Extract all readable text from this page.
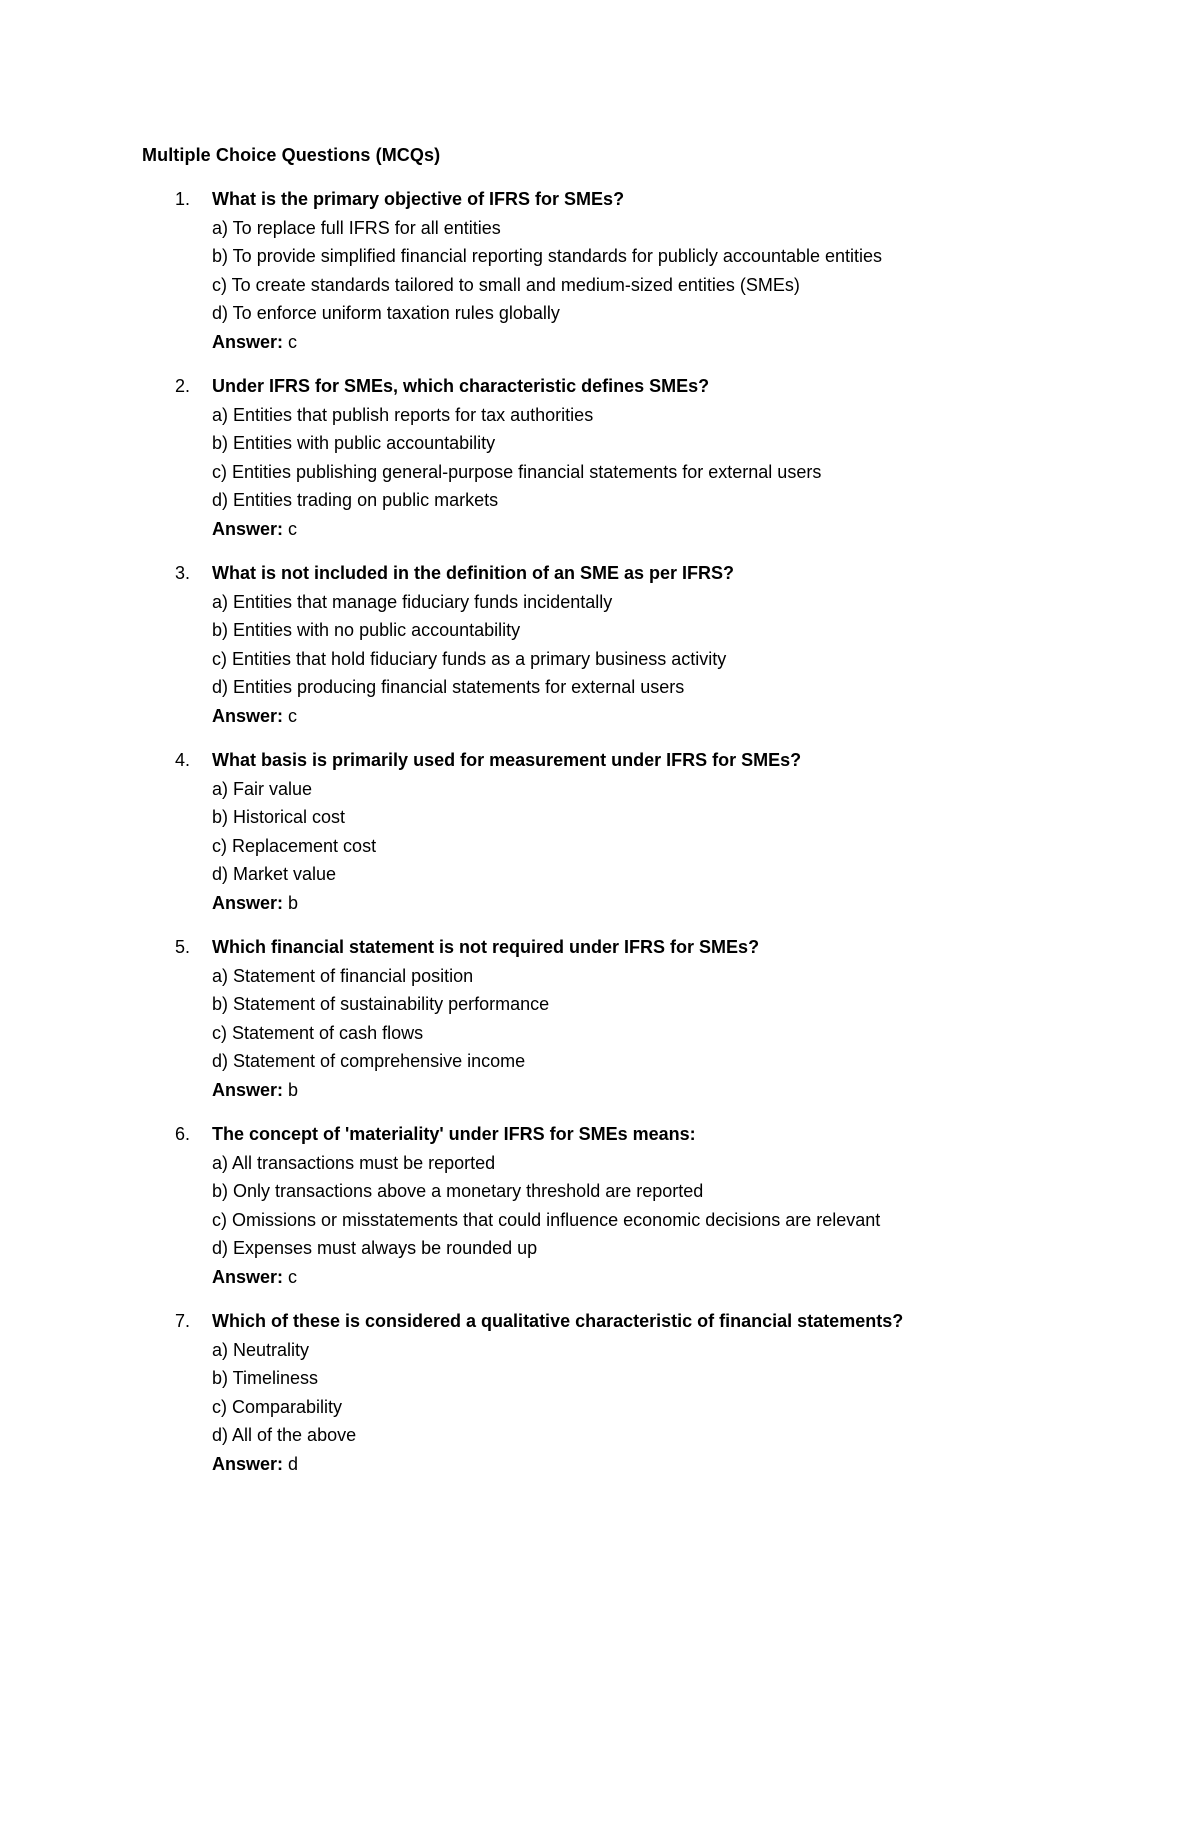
Multiple Choice Questions (MCQs)
1. What is the primary objective of IFRS for SMEs?
a) To replace full IFRS for all entities
b) To provide simplified financial reporting standards for publicly accountable entities
c) To create standards tailored to small and medium-sized entities (SMEs)
d) To enforce uniform taxation rules globally
Answer: c
2. Under IFRS for SMEs, which characteristic defines SMEs?
a) Entities that publish reports for tax authorities
b) Entities with public accountability
c) Entities publishing general-purpose financial statements for external users
d) Entities trading on public markets
Answer: c
3. What is not included in the definition of an SME as per IFRS?
a) Entities that manage fiduciary funds incidentally
b) Entities with no public accountability
c) Entities that hold fiduciary funds as a primary business activity
d) Entities producing financial statements for external users
Answer: c
4. What basis is primarily used for measurement under IFRS for SMEs?
a) Fair value
b) Historical cost
c) Replacement cost
d) Market value
Answer: b
5. Which financial statement is not required under IFRS for SMEs?
a) Statement of financial position
b) Statement of sustainability performance
c) Statement of cash flows
d) Statement of comprehensive income
Answer: b
6. The concept of 'materiality' under IFRS for SMEs means:
a) All transactions must be reported
b) Only transactions above a monetary threshold are reported
c) Omissions or misstatements that could influence economic decisions are relevant
d) Expenses must always be rounded up
Answer: c
7. Which of these is considered a qualitative characteristic of financial statements?
a) Neutrality
b) Timeliness
c) Comparability
d) All of the above
Answer: d
